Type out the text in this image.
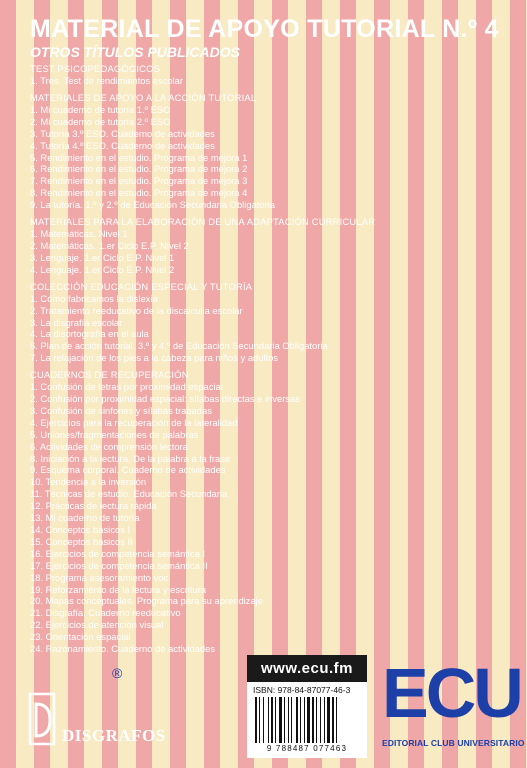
MATERIAL DE APOYO TUTORIAL N.º 4
OTROS TÍTULOS PUBLICADOS
TEST PSICOPEDAGÓGICOS
1. Tres. Test de rendimientos escolar
MATERIALES DE APOYO A LA ACCIÓN TUTORIAL
1. Mi cuaderno de tutoría 1.º ESO
2. Mi cuaderno de tutoría 2.º ESO
3. Tutoría 3.º ESO. Cuaderno de actividades
4. Tutoría 4.º ESO. Cuaderno de actividades
5. Rendimiento en el estudio. Programa de mejora 1
6. Rendimiento en el estudio. Programa de mejora 2
7. Rendimiento en el estudio. Programa de mejora 3
8. Rendimiento en el estudio. Programa de mejora 4
9. La tutoría. 1.º y 2.º de Educación Secundaria Obligatoria
MATERIALES PARA LA ELABORACIÓN DE UNA ADAPTACIÓN CURRICULAR
1. Matemáticas. Nivel 1
2. Matemáticas. 1.er Ciclo E.P. Nivel 2
3. Lenguaje. 1.er Ciclo E.P. Nivel 1
4. Lenguaje. 1.er Ciclo E.P. Nivel 2
COLECCIÓN EDUCACIÓN ESPECIAL Y TUTORÍA
1. Cómo fabricamos la dislexia
2. Tratamiento reeducativo de la discalculia escolar
3. La disgrafía escolar
4. La disortografía en el aula
6. Plan de acción tutorial. 3.º y 4.º de Educación Secundaria Obligatoria
7. La relajación de los pies a la cabeza para niños y adultos
CUADERNOS DE RECUPERACIÓN
1. Confusión de letras por proximidad espacial
2. Confusión por proximidad espacial: sílabas directas e inversas
3. Confusión de sinfones y sílabas trabadas
4. Ejercicios para la recuperación de la lateralidad
5. Uniones/fragmentaciones de palabras
6. Actividades de comprensión lectora
8. Iniciación a la lectura. De la palabra a la frase
9. Esquema corporal. Cuaderno de actividades
10. Tendencia a la inversión
11. Técnicas de estudio. Educación Secundaria
12. Prácticas de lectura rápida
13. Mi cuaderno de tutoría
14. Conceptos básicos I
15. Conceptos básicos II
16. Ejercicios de competencia semántica I
17. Ejercicios de competencia semántica II
18. Programa asesoramiento voc.
19. Reforzamiento de la lectura y escritura
20. Mapas conceptuales. Programa para su aprendizaje
21. Disgrafía. Cuaderno reeducativo
22. Ejercicios de atención visual
23. Orientación espacial
24. Razonamiento. Cuaderno de actividades
DISGRAFOS
www.ecu.fm
ISBN: 978-84-87077-46-3
9 788487 077463
ECU
®
EDITORIAL CLUB UNIVERSITARIO
